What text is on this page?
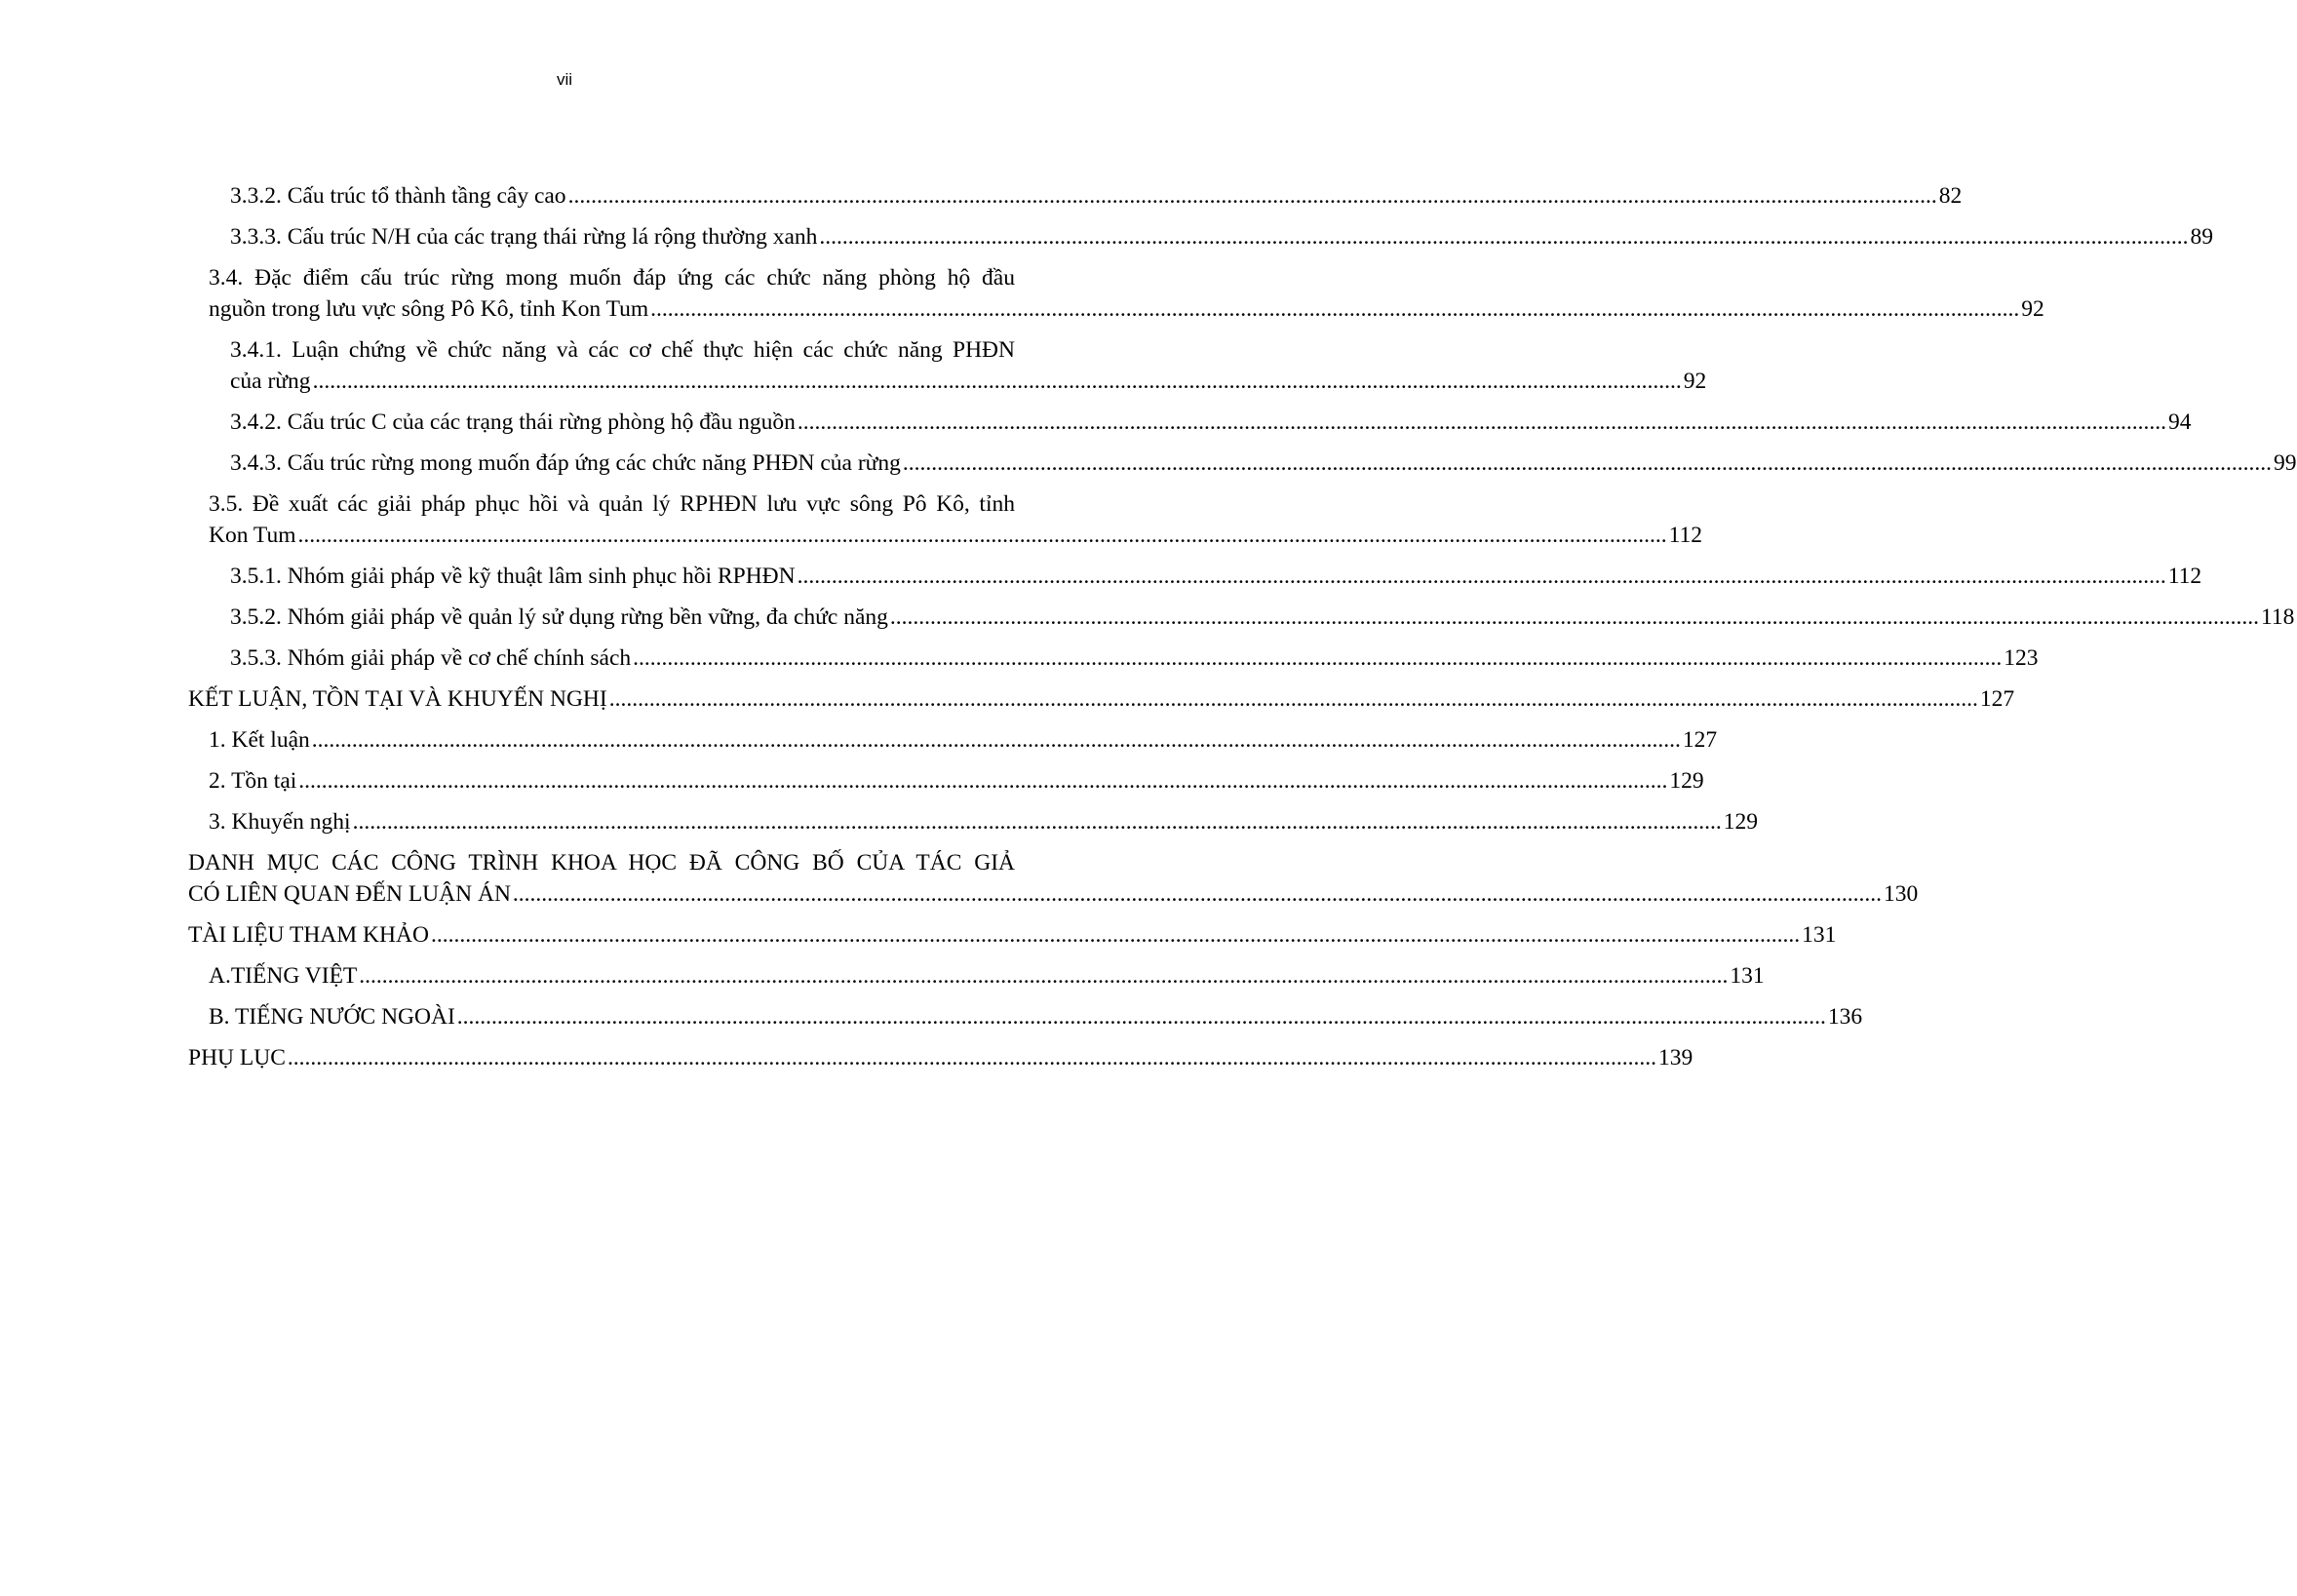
vii
3.3.2. Cấu trúc tổ thành tầng cây cao ............................................................................................................................................................................................................................................... 82
3.3.3. Cấu trúc N/H của các trạng thái rừng lá rộng thường xanh ............................................................................................................................................................................................................................................... 89
3.4. Đặc điểm cấu trúc rừng mong muốn đáp ứng các chức năng phòng hộ đầu
nguồn trong lưu vực sông Pô Kô, tỉnh Kon Tum ............................................................................................................................................................................................................................................... 92
3.4.1. Luận chứng về chức năng và các cơ chế thực hiện các chức năng PHĐN
của rừng ............................................................................................................................................................................................................................................... 92
3.4.2. Cấu trúc C của các trạng thái rừng phòng hộ đầu nguồn ............................................................................................................................................................................................................................................... 94
3.4.3. Cấu trúc rừng mong muốn đáp ứng các chức năng PHĐN của rừng ............................................................................................................................................................................................................................................... 99
3.5. Đề xuất các giải pháp phục hồi và quản lý RPHĐN lưu vực sông Pô Kô, tỉnh
Kon Tum ............................................................................................................................................................................................................................................... 112
3.5.1. Nhóm giải pháp về kỹ thuật lâm sinh phục hồi RPHĐN ............................................................................................................................................................................................................................................... 112
3.5.2. Nhóm giải pháp về quản lý sử dụng rừng bền vững, đa chức năng ............................................................................................................................................................................................................................................... 118
3.5.3. Nhóm giải pháp về cơ chế chính sách ............................................................................................................................................................................................................................................... 123
KẾT LUẬN, TỒN TẠI VÀ KHUYẾN NGHỊ ............................................................................................................................................................................................................................................... 127
1. Kết luận ............................................................................................................................................................................................................................................... 127
2. Tồn tại ............................................................................................................................................................................................................................................... 129
3. Khuyến nghị ............................................................................................................................................................................................................................................... 129
DANH MỤC CÁC CÔNG TRÌNH KHOA HỌC ĐÃ CÔNG BỐ CỦA TÁC GIẢ
CÓ LIÊN QUAN ĐẾN LUẬN ÁN ............................................................................................................................................................................................................................................... 130
TÀI LIỆU THAM KHẢO ............................................................................................................................................................................................................................................... 131
A.TIẾNG VIỆT ............................................................................................................................................................................................................................................... 131
B. TIẾNG NƯỚC NGOÀI ............................................................................................................................................................................................................................................... 136
PHỤ LỤC ............................................................................................................................................................................................................................................... 139
